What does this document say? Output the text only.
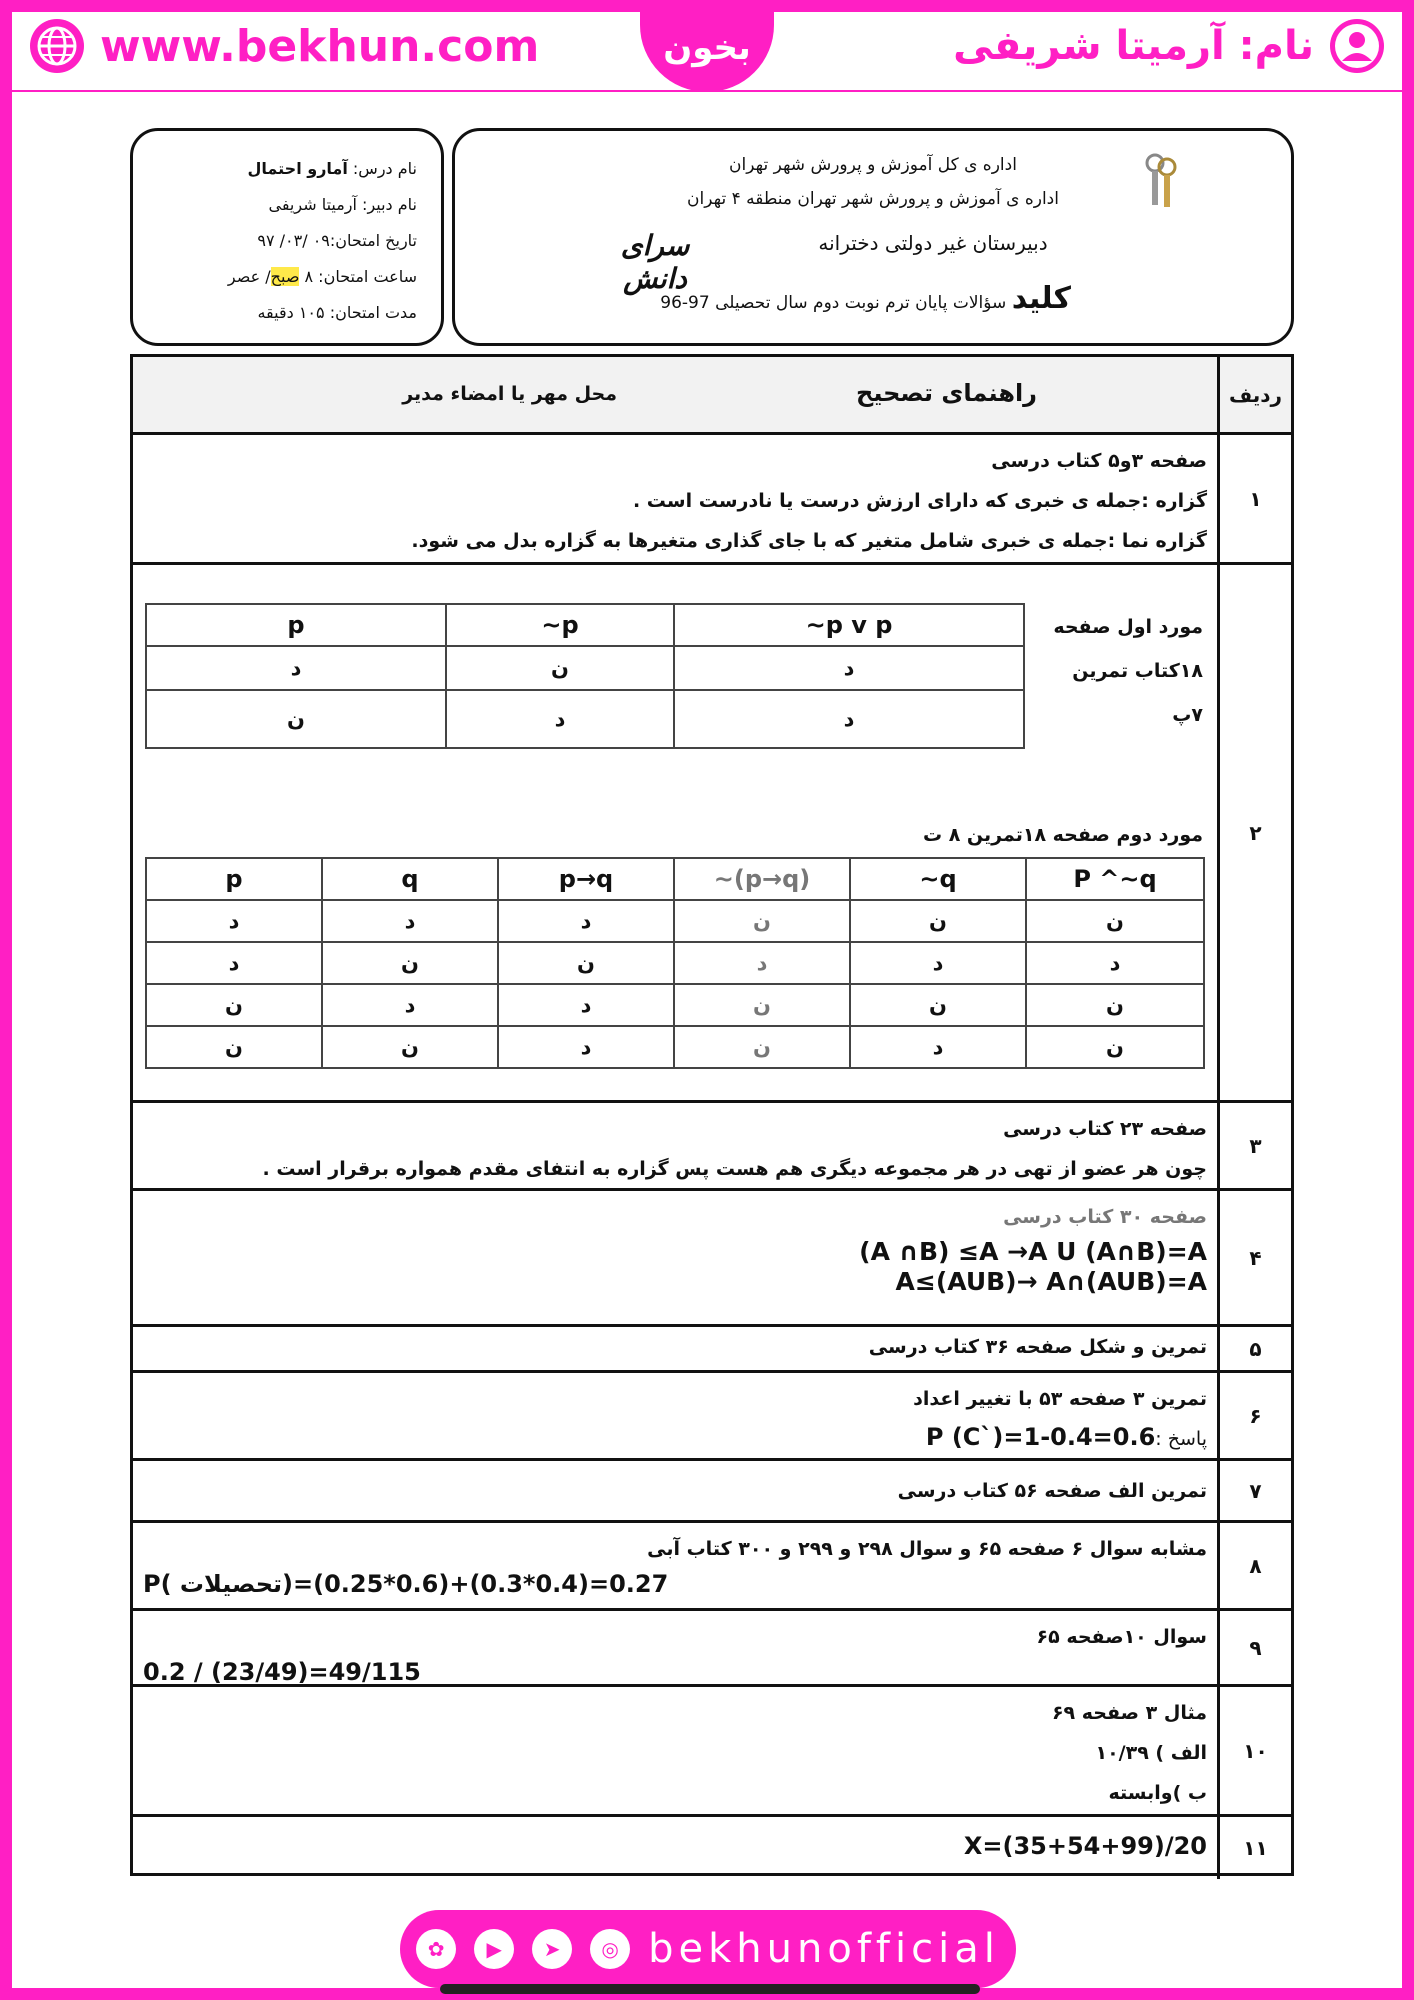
www.bekhun.com	بخون	نام: آرمیتا شریفی
اداره ی کل آموزش و پرورش شهر تهران
اداره ی آموزش و پرورش شهر تهران منطقه ۴ تهران
دبیرستان غیر دولتی دخترانه
سرای دانش
کلید سؤالات پایان ترم نوبت دوم سال تحصیلی 97-96
نام درس: آمارو احتمال
نام دبیر: آرمیتا شریفی
تاریخ امتحان:۰۹ /۰۳/ ۹۷
ساعت امتحان: ۸ صبح/ عصر
مدت امتحان: ۱۰۵ دقیقه
ردیف
راهنمای تصحیح
محل مهر یا امضاء مدیر
۱
صفحه ۳و۵ کتاب درسی
گزاره :جمله ی خبری که دارای ارزش درست یا نادرست است .
گزاره نما :جمله ی خبری شامل متغیر که با جای گذاری متغیرها به گزاره بدل می شود.
۲
مورد اول صفحه
۱۸کتاب تمرین
۷پ
p	~p	~p v p
د	ن	د
ن	د	د
مورد دوم صفحه ۱۸تمرین ۸ ت
p	q	p→q	~(p→q)	~q	P ^~q
د	د	د	ن	ن	ن
د	ن	ن	د	د	د
ن	د	د	ن	ن	ن
ن	ن	د	ن	د	ن
۳
صفحه ۲۳ کتاب درسی
چون هر عضو از تهی در هر مجموعه دیگری هم هست پس گزاره به انتفای مقدم همواره برقرار است .
۴
صفحه ۳۰ کتاب درسی
(A ∩B) ≤A →A U (A∩B)=A
A≤(AUB)→ A∩(AUB)=A
۵
تمرین و شکل صفحه ۳۶ کتاب درسی
۶
تمرین ۳ صفحه ۵۳ با تغییر اعداد
پاسخ :P (C`)=1-0.4=0.6
۷
تمرین الف صفحه ۵۶ کتاب درسی
۸
مشابه سوال ۶ صفحه ۶۵ و سوال ۲۹۸ و ۲۹۹ و ۳۰۰ کتاب آبی
P( تحصیلات)=(0.6*0.25)+(0.4*0.3)=0.27
۹
سوال ۱۰صفحه ۶۵
0.2 / (23/49)=49/115
۱۰
مثال ۳ صفحه ۶۹
الف ) ۱۰/۳۹
ب )وابسته
۱۱
X=(35+54+99)/20
✿	▶	➤	◎ bekhunofficial
